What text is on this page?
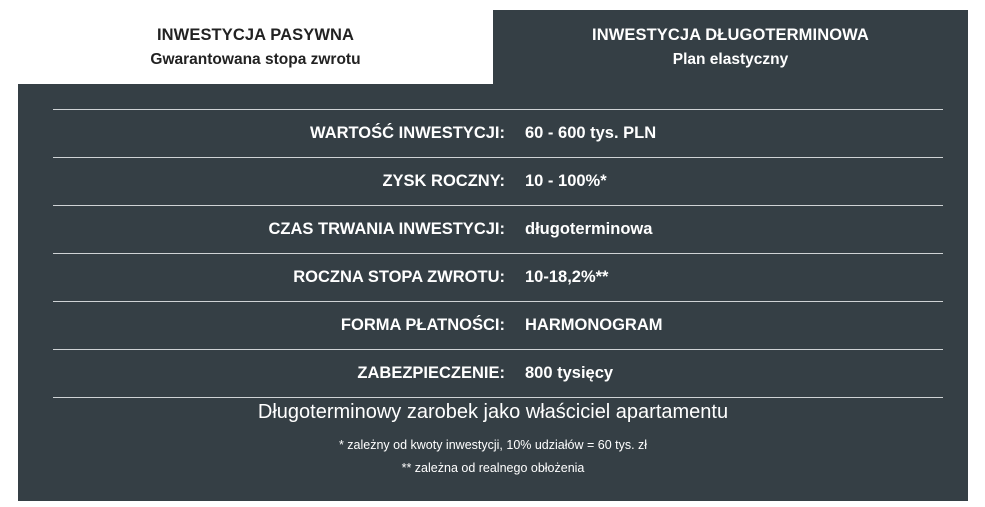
INWESTYCJA PASYWNA
Gwarantowana stopa zwrotu
INWESTYCJA DŁUGOTERMINOWA
Plan elastyczny
WARTOŚĆ INWESTYCJI:	60 - 600 tys. PLN
ZYSK ROCZNY:	10 - 100%*
CZAS TRWANIA INWESTYCJI:	długoterminowa
ROCZNA STOPA ZWROTU:	10-18,2%**
FORMA PŁATNOŚCI:	HARMONOGRAM
ZABEZPIECZENIE:	800 tysięcy
Długoterminowy zarobek jako właściciel apartamentu
* zależny od kwoty inwestycji, 10% udziałów = 60 tys. zł
** zależna od realnego obłożenia
